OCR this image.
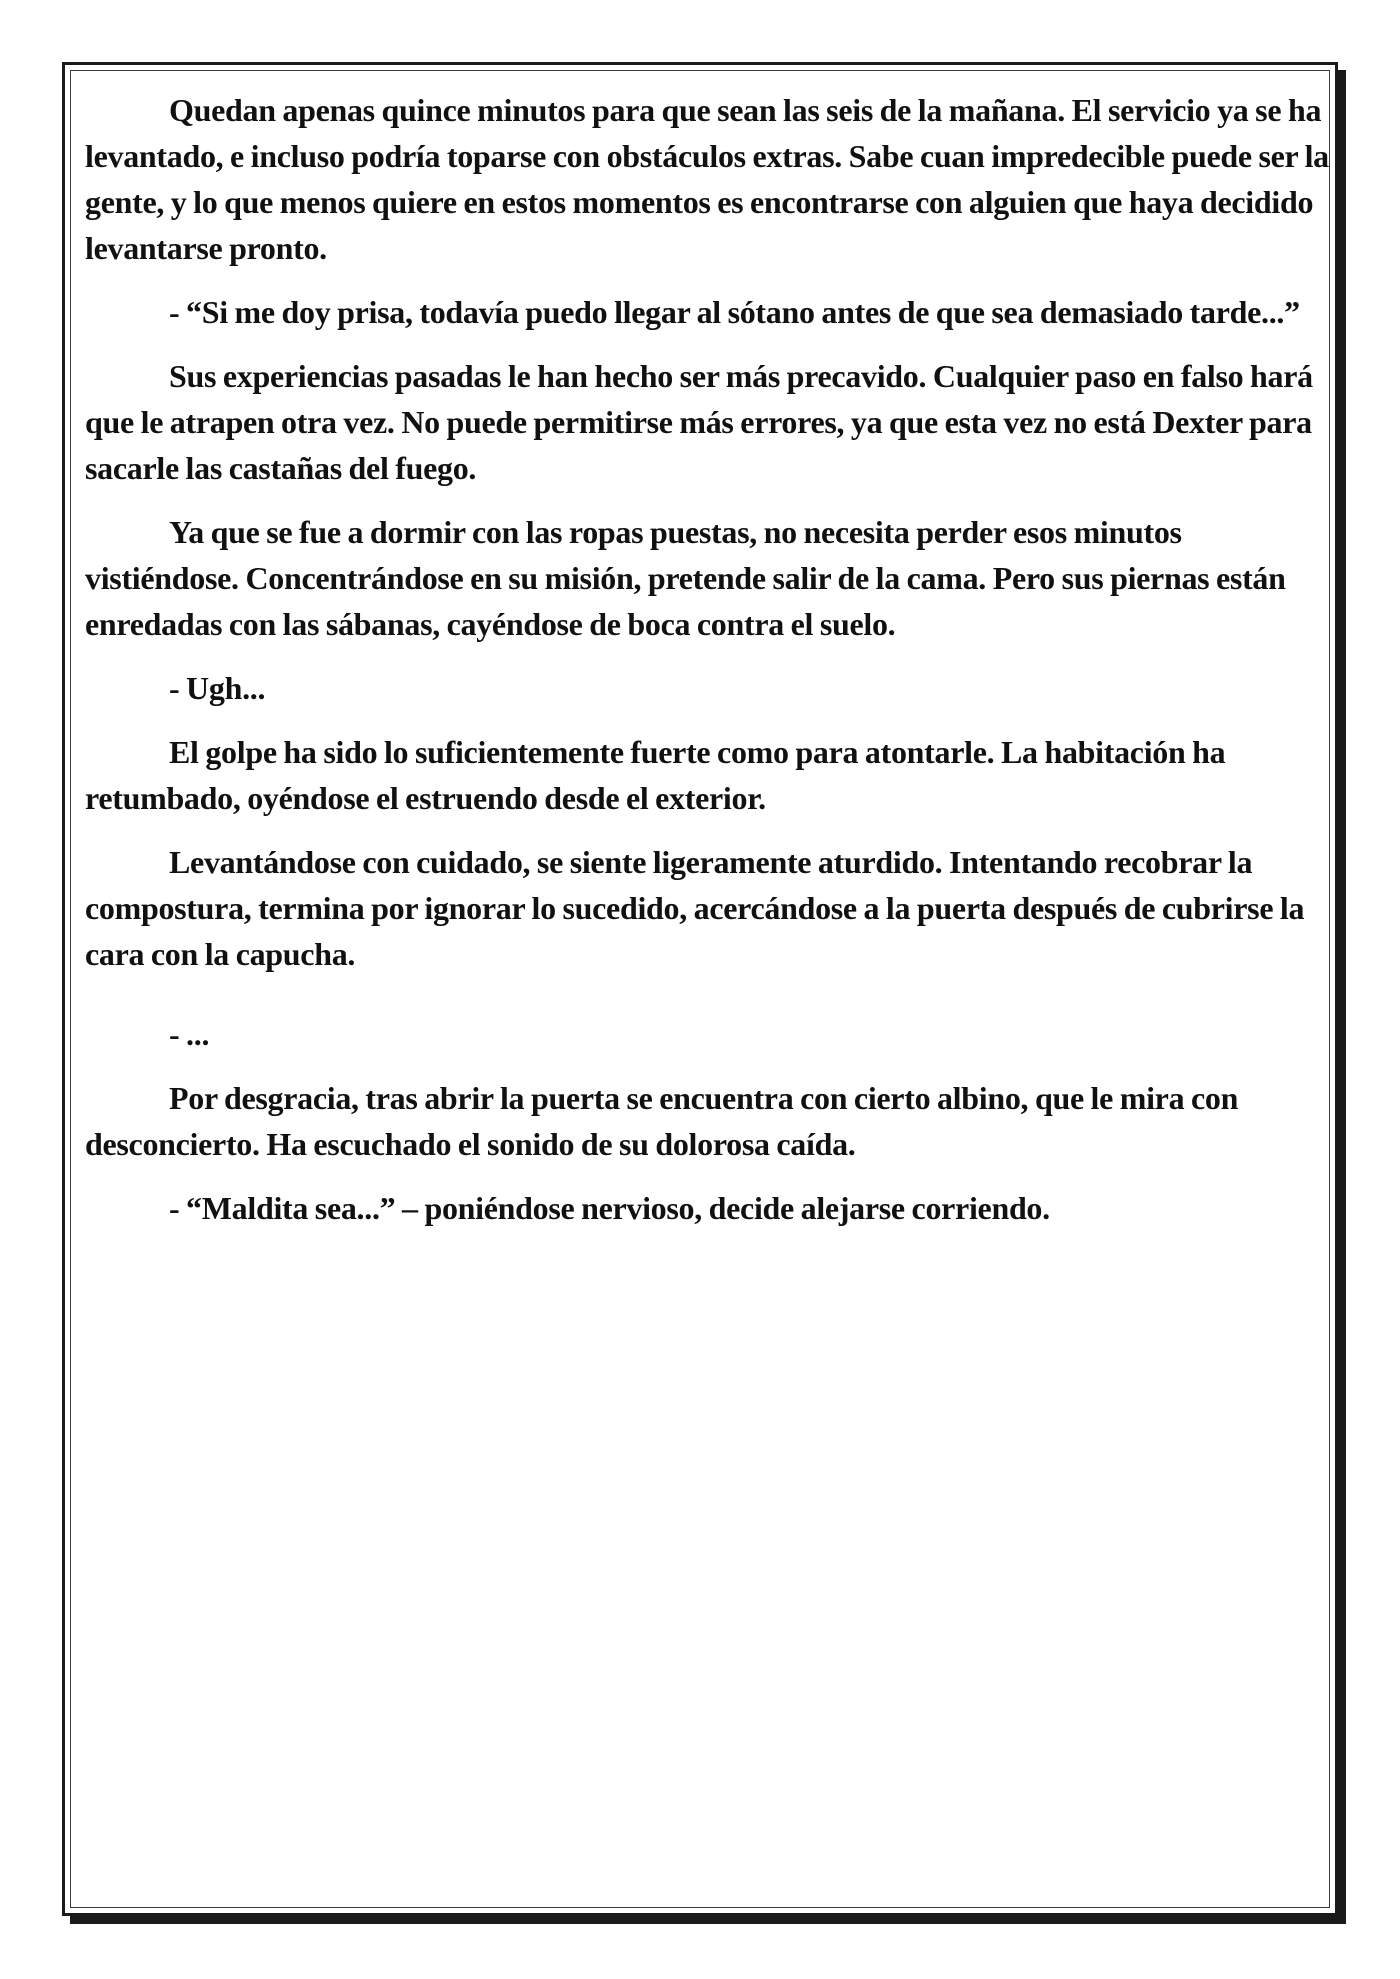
Quedan apenas quince minutos para que sean las seis de la mañana. El servicio ya se ha levantado, e incluso podría toparse con obstáculos extras. Sabe cuan impredecible puede ser la gente, y lo que menos quiere en estos momentos es encontrarse con alguien que haya decidido levantarse pronto.

- “Si me doy prisa, todavía puedo llegar al sótano antes de que sea demasiado tarde...”

Sus experiencias pasadas le han hecho ser más precavido. Cualquier paso en falso hará que le atrapen otra vez. No puede permitirse más errores, ya que esta vez no está Dexter para sacarle las castañas del fuego.

Ya que se fue a dormir con las ropas puestas, no necesita perder esos minutos vistiéndose. Concentrándose en su misión, pretende salir de la cama. Pero sus piernas están enredadas con las sábanas, cayéndose de boca contra el suelo.

- Ugh...

El golpe ha sido lo suficientemente fuerte como para atontarle. La habitación ha retumbado, oyéndose el estruendo desde el exterior.

Levantándose con cuidado, se siente ligeramente aturdido. Intentando recobrar la compostura, termina por ignorar lo sucedido, acercándose a la puerta después de cubrirse la cara con la capucha.

- ...

Por desgracia, tras abrir la puerta se encuentra con cierto albino, que le mira con desconcierto. Ha escuchado el sonido de su dolorosa caída.

- “Maldita sea...” – poniéndose nervioso, decide alejarse corriendo.
